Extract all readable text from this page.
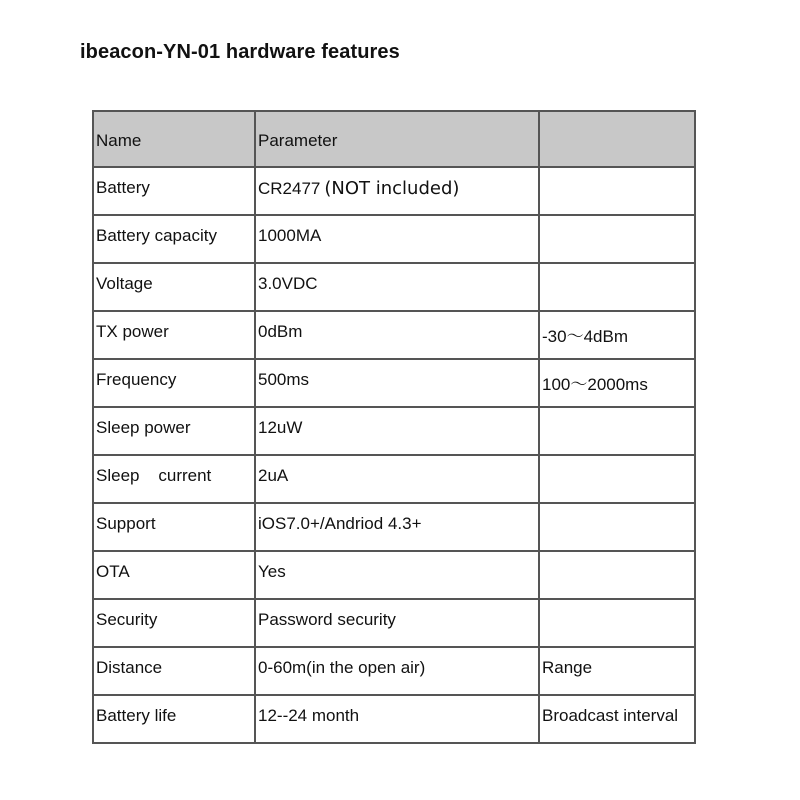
ibeacon-YN-01 hardware features
Name	Parameter	
Battery	CR2477 (NOT included)	
Battery capacity	1000MA	
Voltage	3.0VDC	
TX power	0dBm	-30～4dBm
Frequency	500ms	100～2000ms
Sleep power	12uW	
Sleep    current	2uA	
Support	iOS7.0+/Andriod 4.3+	
OTA	Yes	
Security	Password security	
Distance	0-60m(in the open air)	Range
Battery life	12--24 month	Broadcast interval
